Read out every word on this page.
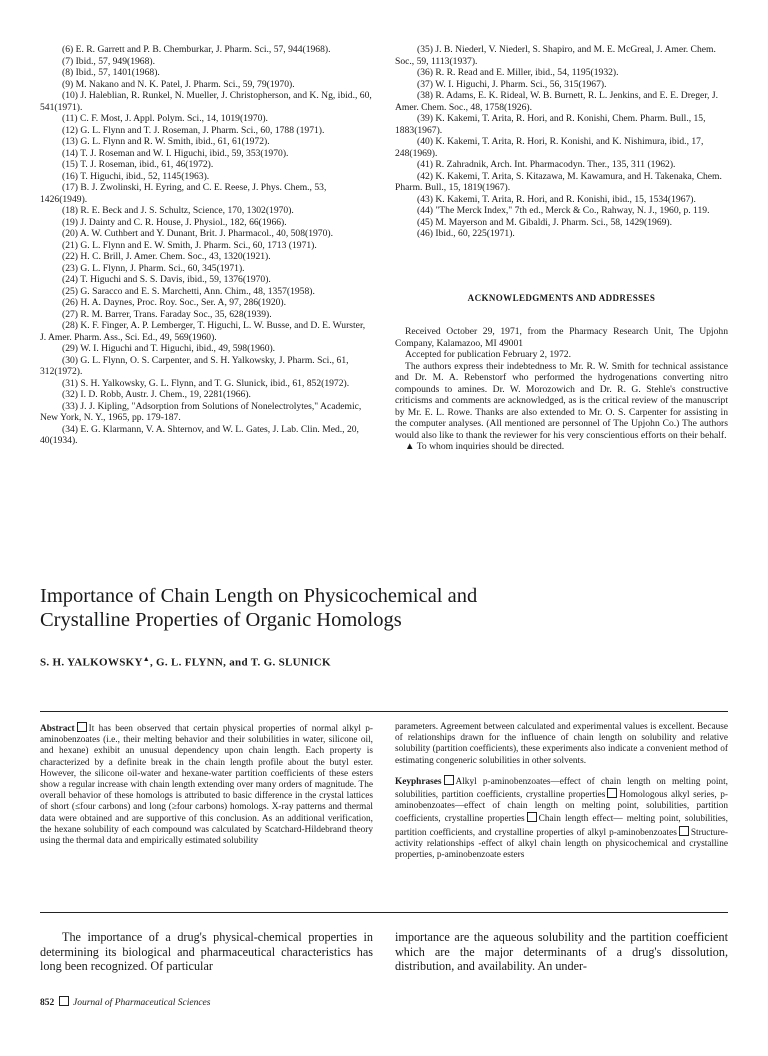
(6) E. R. Garrett and P. B. Chemburkar, J. Pharm. Sci., 57, 944(1968).

(7) Ibid., 57, 949(1968).

(8) Ibid., 57, 1401(1968).

(9) M. Nakano and N. K. Patel, J. Pharm. Sci., 59, 79(1970).

(10) J. Haleblian, R. Runkel, N. Mueller, J. Christopherson, and K. Ng, ibid., 60, 541(1971).

(11) C. F. Most, J. Appl. Polym. Sci., 14, 1019(1970).

(12) G. L. Flynn and T. J. Roseman, J. Pharm. Sci., 60, 1788 (1971).

(13) G. L. Flynn and R. W. Smith, ibid., 61, 61(1972).

(14) T. J. Roseman and W. I. Higuchi, ibid., 59, 353(1970).

(15) T. J. Roseman, ibid., 61, 46(1972).

(16) T. Higuchi, ibid., 52, 1145(1963).

(17) B. J. Zwolinski, H. Eyring, and C. E. Reese, J. Phys. Chem., 53, 1426(1949).

(18) R. E. Beck and J. S. Schultz, Science, 170, 1302(1970).

(19) J. Dainty and C. R. House, J. Physiol., 182, 66(1966).

(20) A. W. Cuthbert and Y. Dunant, Brit. J. Pharmacol., 40, 508(1970).

(21) G. L. Flynn and E. W. Smith, J. Pharm. Sci., 60, 1713 (1971).

(22) H. C. Brill, J. Amer. Chem. Soc., 43, 1320(1921).

(23) G. L. Flynn, J. Pharm. Sci., 60, 345(1971).

(24) T. Higuchi and S. S. Davis, ibid., 59, 1376(1970).

(25) G. Saracco and E. S. Marchetti, Ann. Chim., 48, 1357(1958).

(26) H. A. Daynes, Proc. Roy. Soc., Ser. A, 97, 286(1920).

(27) R. M. Barrer, Trans. Faraday Soc., 35, 628(1939).

(28) K. F. Finger, A. P. Lemberger, T. Higuchi, L. W. Busse, and D. E. Wurster, J. Amer. Pharm. Ass., Sci. Ed., 49, 569(1960).

(29) W. I. Higuchi and T. Higuchi, ibid., 49, 598(1960).

(30) G. L. Flynn, O. S. Carpenter, and S. H. Yalkowsky, J. Pharm. Sci., 61, 312(1972).

(31) S. H. Yalkowsky, G. L. Flynn, and T. G. Slunick, ibid., 61, 852(1972).

(32) I. D. Robb, Austr. J. Chem., 19, 2281(1966).

(33) J. J. Kipling, "Adsorption from Solutions of Nonelectrolytes," Academic, New York, N. Y., 1965, pp. 179-187.

(34) E. G. Klarmann, V. A. Shternov, and W. L. Gates, J. Lab. Clin. Med., 20, 40(1934).

(35) J. B. Niederl, V. Niederl, S. Shapiro, and M. E. McGreal, J. Amer. Chem. Soc., 59, 1113(1937).

(36) R. R. Read and E. Miller, ibid., 54, 1195(1932).

(37) W. I. Higuchi, J. Pharm. Sci., 56, 315(1967).

(38) R. Adams, E. K. Rideal, W. B. Burnett, R. L. Jenkins, and E. E. Dreger, J. Amer. Chem. Soc., 48, 1758(1926).

(39) K. Kakemi, T. Arita, R. Hori, and R. Konishi, Chem. Pharm. Bull., 15, 1883(1967).

(40) K. Kakemi, T. Arita, R. Hori, R. Konishi, and K. Nishimura, ibid., 17, 248(1969).

(41) R. Zahradnik, Arch. Int. Pharmacodyn. Ther., 135, 311 (1962).

(42) K. Kakemi, T. Arita, S. Kitazawa, M. Kawamura, and H. Takenaka, Chem. Pharm. Bull., 15, 1819(1967).

(43) K. Kakemi, T. Arita, R. Hori, and R. Konishi, ibid., 15, 1534(1967).

(44) "The Merck Index," 7th ed., Merck & Co., Rahway, N. J., 1960, p. 119.

(45) M. Mayerson and M. Gibaldi, J. Pharm. Sci., 58, 1429(1969).

(46) Ibid., 60, 225(1971).

ACKNOWLEDGMENTS AND ADDRESSES

Received October 29, 1971, from the Pharmacy Research Unit, The Upjohn Company, Kalamazoo, MI 49001

Accepted for publication February 2, 1972.

The authors express their indebtedness to Mr. R. W. Smith for technical assistance and Dr. M. A. Rebenstorf who performed the hydrogenations converting nitro compounds to amines. Dr. W. Morozowich and Dr. R. G. Stehle's constructive criticisms and comments are acknowledged, as is the critical review of the manuscript by Mr. E. L. Rowe. Thanks are also extended to Mr. O. S. Carpenter for assisting in the computer analyses. (All mentioned are personnel of The Upjohn Co.) The authors would also like to thank the reviewer for his very conscientious efforts on their behalf.

▲ To whom inquiries should be directed.

Importance of Chain Length on Physicochemical and
Crystalline Properties of Organic Homologs
S. H. YALKOWSKY▲, G. L. FLYNN, and T. G. SLUNICK
Abstract It has been observed that certain physical properties of normal alkyl p-aminobenzoates (i.e., their melting behavior and their solubilities in water, silicone oil, and hexane) exhibit an unusual dependency upon chain length. Each property is characterized by a definite break in the chain length profile about the butyl ester. However, the silicone oil-water and hexane-water partition coefficients of these esters show a regular increase with chain length extending over many orders of magnitude. The overall behavior of these homologs is attributed to basic difference in the crystal lattices of short (≤four carbons) and long (≥four carbons) homologs. X-ray patterns and thermal data were obtained and are supportive of this conclusion. As an additional verification, the hexane solubility of each compound was calculated by Scatchard-Hildebrand theory using the thermal data and empirically estimated solubility
parameters. Agreement between calculated and experimental values is excellent. Because of relationships drawn for the influence of chain length on solubility and relative solubility (partition coefficients), these experiments also indicate a convenient method of estimating congeneric solubilities in other solvents.
Keyphrases Alkyl p-aminobenzoates—effect of chain length on melting point, solubilities, partition coefficients, crystalline properties Homologous alkyl series, p-aminobenzoates—effect of chain length on melting point, solubilities, partition coefficients, crystalline properties Chain length effect— melting point, solubilities, partition coefficients, and crystalline properties of alkyl p-aminobenzoates Structure-activity relationships -effect of alkyl chain length on physicochemical and crystalline properties, p-aminobenzoate esters
The importance of a drug's physical-chemical properties in determining its biological and pharmaceutical characteristics has long been recognized. Of particular
importance are the aqueous solubility and the partition coefficient which are the major determinants of a drug's dissolution, distribution, and availability. An under-
852 Journal of Pharmaceutical Sciences
